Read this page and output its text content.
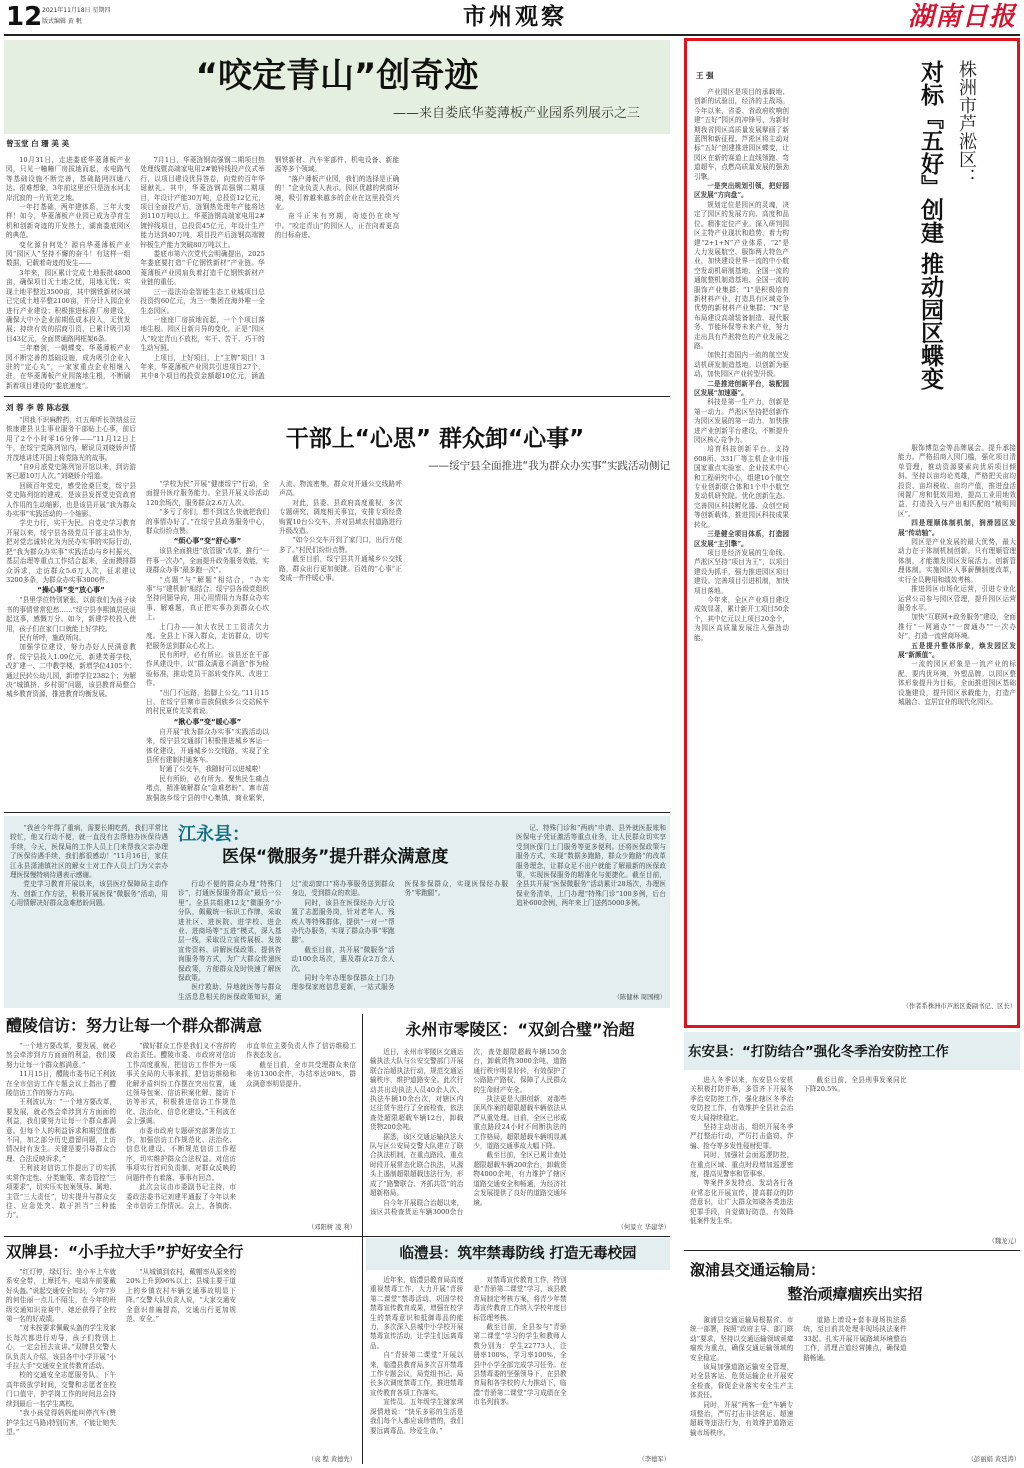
12 2021年11月18日 星期四
版式编辑 黄 帆	市州观察	湖南日报
“咬定青山”创奇迹
——来自娄底华菱薄板产业园系列展示之三
曾玉堂 白 珊 美 美

10月31日，走进娄底华菱薄板产业园，只见一幢幢厂房拔地而起，水电路气等基础设施不断完善，基础路网四通八达。很难想象，3年前这里还只是涟水河北岸沉寂的一片荒芜之地。

一年打基础，两年建体系，三年大变样！如今，华菱薄板产业园已成为孕育生机和创新奇迹的开发热土，湖南娄底园区的典范。

变化源自何处？源自华菱薄板产业园“园区人”坚持不懈的奋斗！有这样一组数据，记载着奇迹的发生——

3年来，园区累计完成土地报批4800亩，确保项目无土地之忧，用地无忧；实现土地平整近3500亩，其中钢铁新材区域已完成土地平整2100亩，并分计入园企业进行产业建设；积极推进标准厂房建设，确保大中小企业前期低成本投入，无忧发展；持续有效的招商引资，已累计吸引项目43亿元，全面贯通路网框架6条。

三年磨剑，一朝蝶变。华菱薄板产业园不断完善的基础设施，成为吸引企业入驻的“定心丸”，一家家重点企业相继入驻，在华菱薄板产业园落地生根，不断刷新着项目建设的“娄底速度”。

7月1日，华菱涟钢高强钢二期项目热处理线暨高端家电用2#镀锌线投产仪式举行，以项目建设优异答卷，向党的百年华诞献礼。其中，华菱涟钢高强钢二期项目，年设计产能30万吨，总投资12亿元，项目全面投产后，涟钢热处理年产能将达到110万吨以上。华菱涟钢高端家电用2#镀锌线项目，总投资45亿元，年设计生产能力达到40万吨，项目投产后涟钢高端镀锌板生产能力突破80万吨以上。

娄底市第六次党代会明确提出，2025年娄底要打造“千亿钢铁新材”产业链。华菱薄板产业园肩负着打造千亿钢铁新材产业链的重任。

三一湿法冶金智能生态工业城项目总投资约60亿元，为三一集团在海外唯一全生态园区。

一座座厂房拔地而起，一个个项目落地生根。园区日新月异的变化，正是“园区人”咬定青山不放松，实干、苦干、巧干的生动写照。

上项目，上好项目，上“主牌”项目！3年来，华菱薄板产业园共引进项目27个，其中8个项目的投资金额超10亿元，涵盖钢铁新材、汽车零部件、机电设备、新能源等多个领域。

“落户薄板产业园，我们的选择是正确的！”企业负责人表示。园区优越的营商环境，吸引着越来越多的企业在这里投资兴业。

奋斗正未有穷期，奇迹仍在续写中。“咬定青山”的园区人，正在向着更高的目标奋进。

刘 蓉 李 蓉 陈志强

“因我不识麻醉药，红五师听长贺纳兹豆侬康建县卫生事业服务干部贴上心事，前后用了2个小时零16分钟——”11月12日上午，在绥宁党陈列馆内，解说员刘晓娇声情并茂地讲述开国上将党陈光的故事。

“自9月底党史陈列馆开馆以来，到访游客已超10万人次。”刘晓娇介绍道。

回顾百年党史，感受沧桑巨变，绥宁县党史陈列馆的建成，是该县发挥党史资政育人作用的生动缩影，也是该县开展“我为群众办实事”实践活动的一个缩影。

学史力行，实干为民。自党史学习教育开展以来，绥宁县各级党员干部主动作为，把对党忠诚转化为为民办实事的实际行动，把“我为群众办实事”实践活动与乡村振兴、基层治理等重点工作结合起来，全面摸排群众诉求，走访群众5.6万人次，征求建议3200多条，为群众办实事3006件。

“操心事”变“放心事”

“县里学位特别紧张，以前我们为孩子读书的事情常常犯愁……”绥宁县李熙镇居民说起这事，感慨万分。如今，新建学校投入使用，孩子们在家门口就能上好学校。

民有所呼，施政所向。

加强学位建设，努力办好人民满意教育。绥宁县投入1.09亿元，新建芙蓉学校，改扩建一、二中教学楼，新增学位4105个；通过民转公幼儿园，新增学位2382个；为解决“城镇挤、乡村弱”问题，该县教育局整合城乡教育资源，推进教育均衡发展。

干部上“心思” 群众卸“心事”
——绥宁县全面推进“我为群众办实事”实践活动侧记

“学校为民”开展“健康绥宁”行动，全面提升医疗服务能力。全县开展义诊活动120余场次，服务群众2.6万人次。

“多亏了你们，想不到这么快就把我们的事情办好了。”在绥宁县政务服务中心，群众纷纷点赞。

“烦心事”变“舒心事”

该县全面推进“放管服”改革，推行“一件事一次办”，全面提升政务服务效能，实现群众办事“最多跑一次”。

“点题”与“解题”相结合，“办实事”与“建机制”相结合。绥宁县各级党组织坚持问题导向，用心用情用力为群众办实事、解难题，真正把实事办到群众心坎上。

上门办——加大农民工工资清欠力度。全县上下深入群众，走访群众，切实把服务送到群众心坎上。

民有所呼，必有所应。该县还在干部作风建设中，以“群众满意不满意”作为检验标准，推动党员干部转变作风、改进工作。

“出门不远路，抬脚上公交。”11月15日，在绥宁县寨市苗族侗族乡公交站候车的村民夏传先笑着说。

“揪心事”变“暖心事”

自开展“我为群众办实事”实践活动以来，绥宁县交通部门积极推进城乡客运一体化建设，开通城乡公交线路，实现了全县所有建制村通客车。

好通了公交车，我随时可以进城啦！

民有所盼，必有所为。聚焦民生痛点堵点，精准破解群众“急难愁盼”。寨市苗族侗族乡绥宁县的中心集镇，商业繁荣，人流、物流密集，群众对开通公交线路呼声高。

对此，县委、县政府高度重视，多次专题研究，调度相关事宜，安排专项经费购置10台公交车，并对县域农村道路进行升级改造。

“如今公交车开到了家门口，出行方便多了。”村民们纷纷点赞。

截至目前，绥宁县共开通城乡公交线路，群众出行更加便捷。百姓的“心事”正变成一件件暖心事。

“我爸今年得了重病，需要长期吃药，我们平常比较忙，他又行动不便，就一直没有去帮他办医保待遇手续，今天，医保局的工作人员上门来帮我父亲办理了医保待遇手续，我们都很感动！”11月16日，家住江永县潇浦镇社区的解女士对工作人员上门为父亲办理医保慢特病待遇表示感谢。

党史学习教育开展以来，该县医疗保障局主动作为、创新工作方法，积极开展医保“微服务”活动，用心用情解决好群众急难愁盼问题。

江永县：
医保“微服务”提升群众满意度

行动不便的群众办理“特殊门诊”，打通医保服务群众“最后一公里”。全县共组建12支“微服务”小分队，佩戴统一标识工作牌，采取进社区、进医院、进学校、进企业、进商场等“五进”模式，深入基层一线，采取设立宣传展板、发放宣传资料、讲解医保政策、提供咨询服务等方式，为广大群众传递医保政策，方便群众及时快速了解医保政策。

医疗救助、异地就医等与群众生活息息相关的医保政策知识，通过“流动窗口”将办事服务送到群众身边，受到群众的欢迎。

同时，该县在医保经办大厅设置了志愿服务岗，针对老年人、残疾人等特殊群体，提供“一对一”帮办代办服务，实现了群众办事“零跑腿”。

截至目前，共开展“微服务”活动100余场次，惠及群众2万余人次。

同时今年办理参保群众上门办理参保家庭信息更新，一站式服务医保参保群众，实现医保经办服务“零跑腿”。

记、特殊门诊和“两病”申请、县外就医报账和医保电子凭证激活等重点业务，让人民群众切实享受到医保门上门服务等更多便利。还将医保政策与服务方式，实现“数据多跑路，群众少跑路”的改革服务理念，让群众足不出户就能了解最新的医保政策，实现医保服务的精准化与便捷化。截至目前，全县共开展“医保微服务”活动累计28场次，办理医保业务清单，上门办理“特殊门诊”100多例，后台追补600余例，两年来上门送药5000多例。

（陈健林 周国栩）
醴陵信访：努力让每一个群众都满意

“一个地方要改革，要发展，就必然会牵涉到方方面面的利益，我们要努力让每一个群众都满意。”

11月15日，醴陵市委书记王利波在全市信访工作专题会议上指出了醴陵信访工作的努力方向。

王利波认为：“一个地方要改革，要发展，就必然会牵涉到方方面面的利益，我们要努力让每一个群众都满意。但每个人的利益诉求和期望值都不同，加之部分历史遗留问题，上访情况时有发生。关键是要引导群众合理、合法反映诉求。”

王利波对信访工作提出了切实抓实常作定性、分类施策、常态管控“三项要求”，切实压实包案领导、属地、主管“三大责任”，切实提升与群众交往、应急处突、敢于担当“三种能力”。

“做好群众工作是我们义不容辞的政治责任。醴陵市委、市政府对信访工作高度重视，把信访工作作为一项事关全局的大事来抓，把信访维稳和化解矛盾纠纷工作摆在突出位置，通过领导包案、信访积案化解、接访下访等形式，积极推进信访工作规范化、法治化、信息化建设。”王利波在会上强调。

市委市政府专题研究部署信访工作，加强信访工作规范化、法治化、信息化建设。不断规范信访工作程序，切实维护群众合法权益。对信访事项实行首问负责制，对群众反映的问题件件有着落、事事有回音。

此次会议由市委副书记主持，市委政法委书记刘建平通报了今年以来全市信访工作情况。会上，各镇街、市直单位主要负责人作了信访维稳工作表态发言。

截至目前，全市共受理群众来信来访1300余件，办结率达98%，群众满意率明显提升。

（邓阳树 凌 利）
永州市零陵区：“双剑合璧”治超

近日，永州市零陵区交通运输执法大队与公安交警部门开展联合治超执法行动，规范交通运输秩序，维护道路安全。此次行动共出动执法人员40余人次、执法车辆10余台次，对辖区内过往货车进行了全面检查，依法查处超限超载车辆12台，卸载货物200余吨。

据悉，该区交通运输执法大队与区公安局交警大队建立了联合执法机制，在重点路段、重点时段开展常态化联合执法，从源头上遏制超限超载违法行为，形成了“路警联合、齐抓共管”的治超新格局。

自今年开展联合治超以来，该区共检查货运车辆3000余台次，查处超限超载车辆150余台，卸载货物3000余吨，道路通行秩序明显好转，有效保护了公路路产路权，保障了人民群众的生命财产安全。

执法更是大胆创新，对那些顶风作案的超限超载车辆依法从严从重处理。目前，全区已形成重点路段24小时不间断执法的工作格局，超限超载车辆明显减少，道路交通事故大幅下降。

截至目前，全区已累计查处超限超载车辆200余台，卸载货物4000余吨，有力维护了辖区道路交通安全和畅通，为经济社会发展提供了良好的道路交通环境。

（何景立 华建华）
临澧县：筑牢禁毒防线 打造无毒校园

近年来，临澧县教育局高度重视禁毒工作，大力开展“青骄第二课堂”禁毒活动，巩固学校禁毒宣传教育成果，增强在校学生的禁毒意识和抵御毒品的能力，多次深入县城中小学校开展禁毒宣传活动，让学生们远离毒品。

自“青骄第二课堂”开展以来，临澧县教育局多次召开禁毒工作专题会议，局党组书记、局长多次调度禁毒工作，推进禁毒宣传教育各项工作落实。

宣传员。五年级学生谢家琪深情地说：“快乐多彩的生活是我们每个人都应该珍惜的，我们要远离毒品，珍爱生命。”

对禁毒宣传教育工作，特别是“青骄第二课堂”学习，该县教育局制定考核方案，将青少年禁毒宣传教育工作纳入学校年度目标管理考核。

截至目前，全县参与“青骄第二课堂”学习的学生和教师人数分别为：学生22773人，注册率100%，学习率100%，全县中小学全部完成学习任务。在县禁毒委的坚强领导下，在县教育局和各学校的大力推动下，临澧“青骄第二课堂”学习成绩在全市名列前茅。

（李德军）
双牌县：“小手拉大手”护好安全行

“红灯停，绿灯行；坐小车上车就系安全带，上摩托车，电动车前要戴好头盔。”说起交通安全知识，今年7岁的何佳丽一点儿不陌生，在今年的班级交通知识竞赛中，她还获得了全校第一名的好成绩。

“对未按要求佩戴头盔的学生及家长每次都进行劝导，孩子们特别上心，一定会回去宣讲。”双牌县交警大队负责人介绍，该县各中小学开展“小手拉大手”交通安全宣传教育活动。

校的交通安全志愿服务队。下午高年级放学时间，交警和志愿者在校门口值守，护学岗工作的时间总会持续到最后一名学生离校。

“我小孩觉得妈妈能叫停汽车(赞护学生过马路)特别厉害，不能让她失望。”

“从城镇到农村，戴帽率从原来的20%上升到96%以上；县城主要干道上的乡镇农村车辆交通事故明显下降。”交警大队负责人说，“大家交通安全意识普遍提高，交通出行更加规范、安全。”

（袁 程 黄德先）
王 强	株洲市芦淞区：
对标『五好』创建 推动园区蝶变

产业园区是项目的承载地、创新的试验田，经济的主战场。今年以来，省委、省政府吹响创建“五好”园区的冲锋号，为新时期我省园区高质量发展擘画了新蓝图和新征程。芦淞区将主动对标“五好”创建推进园区蝶变，让园区在新的赛道上直线领跑、弯道超车，点燃高质量发展的强劲引擎。

一是突出规划引领，把好园区发展“方向盘”。

规划定位是园区的灵魂，决定了园区的发展方向、高度和品位。精准定位产业。深入研判园区主特产业现状和趋势，着力构建“2+1+N”产业体系，“2”是大力发展航空、服饰两大特色产业，加快建设世界一流的中小航空发动机研制基地、全国一流的通航整机制造基地、全国一流的服饰产业集群；“1”是积极培育新材料产业，打造具有区域竞争优势的新材料产业集群；“N”是布局建设高端装备制造、现代服务、节能环保等未来产业，努力走出具有芦淞特色的产业发展之路。

加快打造国内一流的航空发动机研发制造基地。以创新为驱动，加快园区产业转型升级。

二是推进创新平台，装配园区发展“加速器”。

科技是第一生产力，创新是第一动力。芦淞区坚持把创新作为园区发展的第一动力，加快推进产业创新平台建设，不断提升园区核心竞争力。

培育科技创新平台。支持608所、331厂等主机企业申报国家重点实验室、企业技术中心和工程研究中心，组建10个航空专业创新联合体和1个中小航空发动机研究院。优化创新生态。完善园区科技孵化器、众创空间等创新载体，推进园区科技成果转化。

三是健全项目体系，打造园区发展“主引擎”。

项目是经济发展的生命线。芦淞区坚持“项目为王”，以项目建设为抓手，强力推进园区项目建设。完善项目引进机制，加快项目落地。

今年来，全区产业项目建设成效显著，累计新开工项目50余个，其中亿元以上项目20余个，为园区高质量发展注入强劲动能。

服饰博览会等品牌展会。提升承接能力。严格招商入园门槛，强化项目清单管理，推动资源要素向优质项目倾斜。坚持以亩均论英雄，严格把关亩均投资、亩均税收、亩均产值，推进盘活闲置厂房和低效用地，提高工业用地效益，打造投入与产出相匹配的“精明园区”。

四是理顺体制机制，润滑园区发展“传动轴”。

园区是产业发展的最大优势，最大动力在于体制机制创新。只有理顺管理体制，才能激发园区发展活力。创新管理体制。实施园区人事薪酬制度改革，实行全员聘用和绩效考核。

推进园区市场化运营，引进专业化运营公司参与园区管理，提升园区运营服务水平。

加快“互联网+政务服务”建设，全面推行“一网通办”“一窗通办”“一次办好”，打造一流营商环境。

五是提升整体形象，焕发园区发展“新颜值”。

一流的园区形象是一流产业的标配，要内优环境，外塑品牌。以园区整体形象提升为目标，全面推进园区基础设施建设，提升园区承载能力，打造产城融合、宜居宜业的现代化园区。

（作者系株洲市芦淞区委副书记、区长）
东安县：“打防结合”强化冬季治安防控工作

进入冬季以来，东安县公安机关积极打防并举，多管齐下开展冬季治安防控工作，强化辖区冬季治安防控工作，有效维护全县社会治安大局持续稳定。

坚持主动出击，组织开展冬季严打整治行动，严厉打击盗窃、诈骗、抢夺等多发性侵财犯罪。

同时，加强社会面巡逻防控，在重点区域、重点时段增加巡逻密度，提高见警率和管事率。

等案件多发特点，发动各行各业常态化开展宣传，提高群众的防范意识，让广大群众知晓各类违法犯罪手段，自觉做好防范，有效降低案件发生率。

截至目前，全县刑事发案同比下降20.5%。

（魏龙元）
溆浦县交通运输局：
整治顽瘴痼疾出实招

溆浦县交通运输局根据省、市统一部署，按照“政府主导、部门联动”要求，坚持以交通运输领域顽瘴痼疾为重点，确保交通运输领域的安全稳定。

该局加强道路运输安全管理，对全县客运、危货运输企业开展安全检查，督促企业落实安全生产主体责任。

同时，开展“两客一危”车辆专项整治，严厉打击非法营运、超速超载等违法行为，有效维护道路运输市场秩序。

道路上增设+套非现场执法系统，至目前共处理非现场执法案件33起。扎实开展开展路域环境整治工作，清理占道经营摊点，确保道路畅通。

（彭丽娟 黄廷涛）
